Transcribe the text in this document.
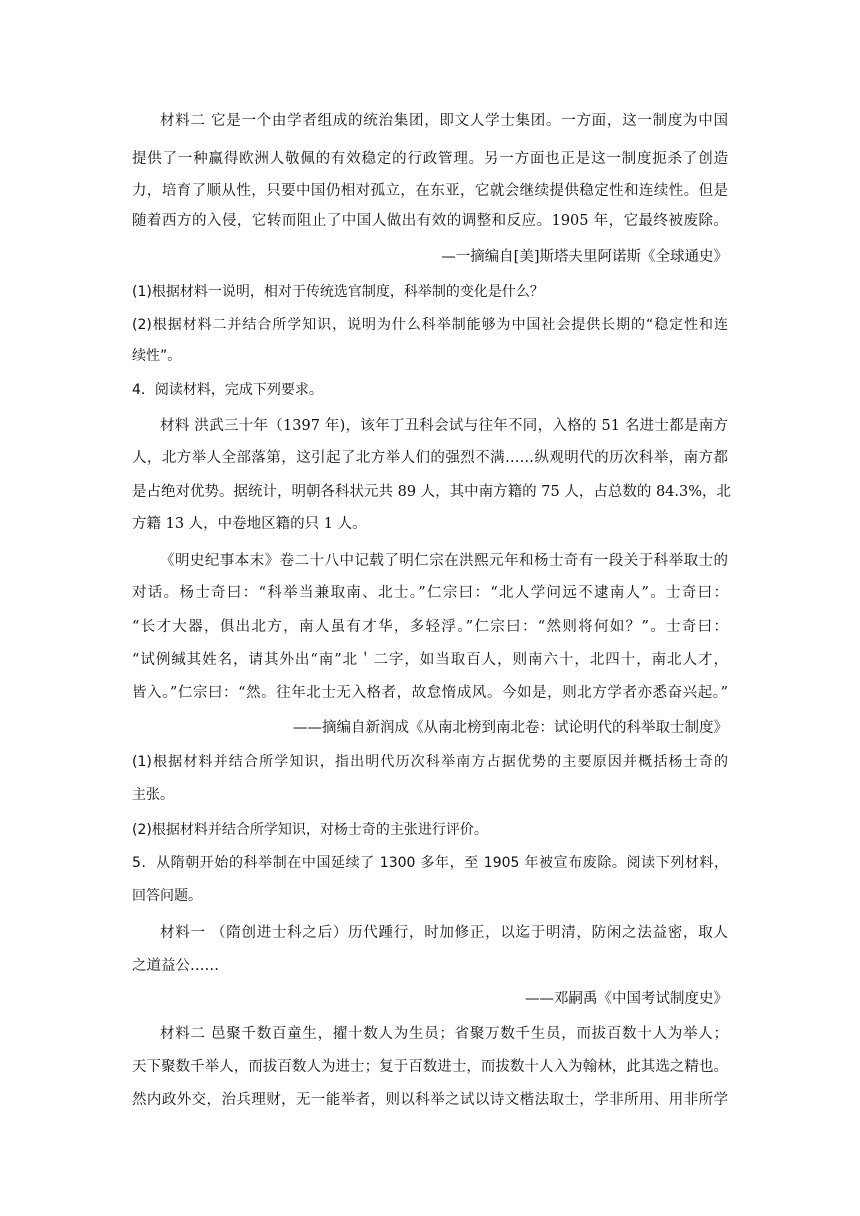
材料二 它是一个由学者组成的统治集团，即文人学士集团。一方面，这一制度为中国
提供了一种赢得欧洲人敬佩的有效稳定的行政管理。另一方面也正是这一制度扼杀了创造
力，培育了顺从性，只要中国仍相对孤立，在东亚，它就会继续提供稳定性和连续性。但是
随着西方的入侵，它转而阻止了中国人做出有效的调整和反应。1905 年，它最终被废除。
—一摘编自[美]斯塔夫里阿诺斯《全球通史》
(1)根据材料一说明，相对于传统选官制度，科举制的变化是什么？
(2)根据材料二并结合所学知识，说明为什么科举制能够为中国社会提供长期的“稳定性和连
续性”。
4．阅读材料，完成下列要求。
材料 洪武三十年（1397 年)，该年丁丑科会试与往年不同，入格的 51 名进士都是南方
人，北方举人全部落第，这引起了北方举人们的强烈不满……纵观明代的历次科举，南方都
是占绝对优势。据统计，明朝各科状元共 89 人，其中南方籍的 75 人，占总数的 84.3%，北
方籍 13 人，中卷地区籍的只 1 人。
《明史纪事本末》卷二十八中记载了明仁宗在洪熙元年和杨士奇有一段关于科举取士的
对话。杨士奇曰：“科举当兼取南、北士。”仁宗曰：“北人学问远不逮南人”。士奇曰：
“长才大器，俱出北方，南人虽有才华，多轻浮。”仁宗曰：“然则将何如？”。士奇曰：
“试例缄其姓名，请其外出“南”北＇二字，如当取百人，则南六十，北四十，南北人才，
皆入。”仁宗曰：“然。往年北士无入格者，故怠惰成风。今如是，则北方学者亦悉奋兴起。”
——摘编自新润成《从南北榜到南北卷：试论明代的科举取士制度》
(1)根据材料并结合所学知识，指出明代历次科举南方占据优势的主要原因并概括杨士奇的
主张。
(2)根据材料并结合所学知识，对杨士奇的主张进行评价。
5．从隋朝开始的科举制在中国延续了 1300 多年，至 1905 年被宣布废除。阅读下列材料，
回答问题。
材料一 （隋创进士科之后）历代踵行，时加修正，以迄于明清，防闲之法益密，取人
之道益公……
——邓嗣禹《中国考试制度史》
材料二 邑聚千数百童生，擢十数人为生员；省聚万数千生员，而拔百数十人为举人；
天下聚数千举人，而拔百数人为进士；复于百数进士，而拔数十人入为翰林，此其选之精也。
然内政外交，治兵理财，无一能举者，则以科举之试以诗文楷法取士，学非所用、用非所学
